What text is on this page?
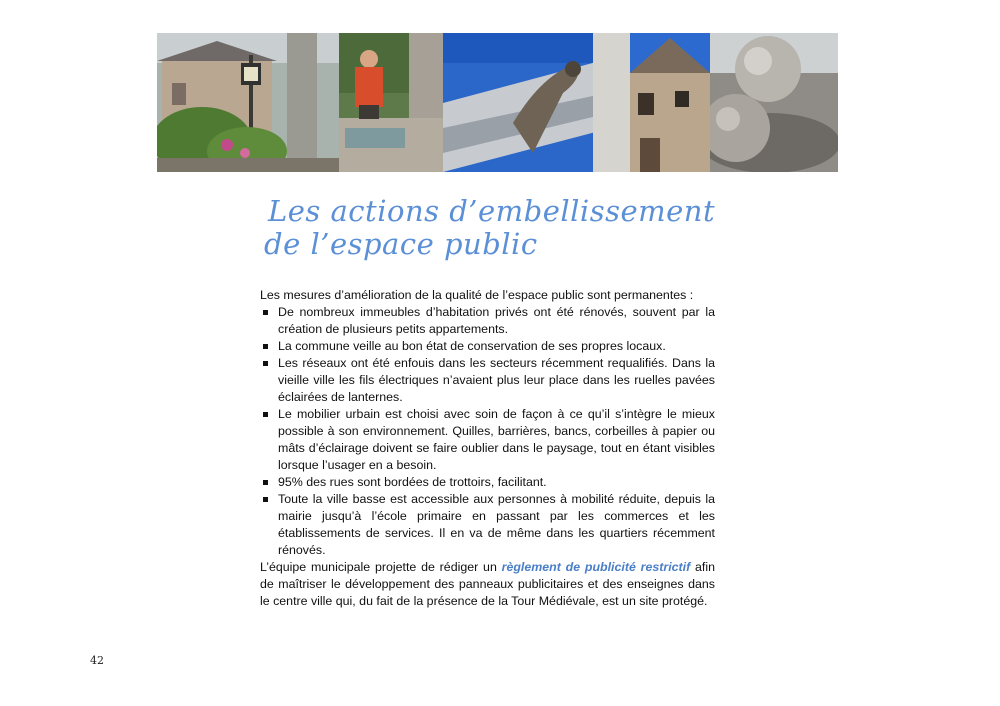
Les actions d’embellissement
de l’espace public

Les mesures d’amélioration de la qualité de l’espace public sont permanentes :

De nombreux immeubles d’habitation privés ont été rénovés, souvent par la création de plusieurs petits appartements.
La commune veille au bon état de conservation de ses propres locaux.
Les réseaux ont été enfouis dans les secteurs récemment requalifiés. Dans la vieille ville les fils électriques n’avaient plus leur place dans les ruelles pavées éclairées de lanternes.
Le mobilier urbain est choisi avec soin de façon à ce qu’il s’intègre le mieux possible à son environnement. Quilles, barrières, bancs, corbeilles à papier ou mâts d’éclairage doivent se faire oublier dans le paysage, tout en étant visibles lorsque l’usager en a besoin.
95% des rues sont bordées de trottoirs, facilitant.
Toute la ville basse est accessible aux personnes à mobilité réduite, depuis la mairie jusqu’à l’école primaire en passant par les commerces et les établissements de services. Il en va de même dans les quartiers récemment rénovés.

L’équipe municipale projette de rédiger un règlement de publicité restrictif afin de maîtriser le développement des panneaux publicitaires et des enseignes dans le centre ville qui, du fait de la présence de la Tour Médiévale, est un site protégé.

42
